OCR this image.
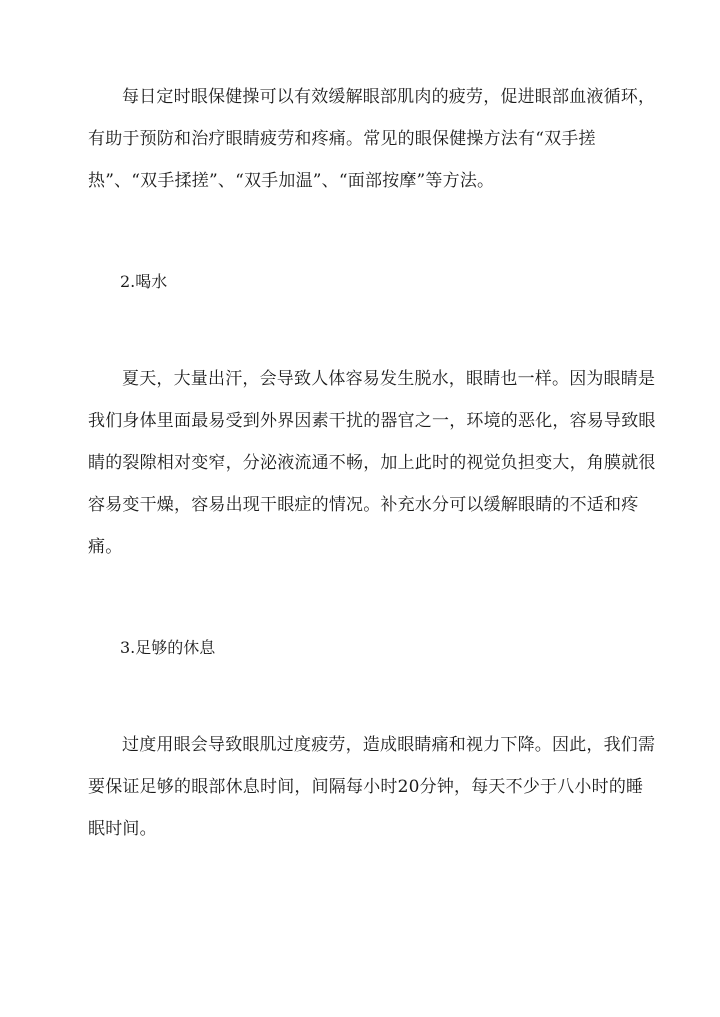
每日定时眼保健操可以有效缓解眼部肌肉的疲劳，促进眼部血液循环，有助于预防和治疗眼睛疲劳和疼痛。常见的眼保健操方法有“双手搓热”、“双手揉搓”、“双手加温”、“面部按摩”等方法。

2.喝水

夏天，大量出汗，会导致人体容易发生脱水，眼睛也一样。因为眼睛是我们身体里面最易受到外界因素干扰的器官之一，环境的恶化，容易导致眼睛的裂隙相对变窄，分泌液流通不畅，加上此时的视觉负担变大，角膜就很容易变干燥，容易出现干眼症的情况。补充水分可以缓解眼睛的不适和疼痛。

3.足够的休息

过度用眼会导致眼肌过度疲劳，造成眼睛痛和视力下降。因此，我们需要保证足够的眼部休息时间，间隔每小时20分钟，每天不少于八小时的睡眠时间。
